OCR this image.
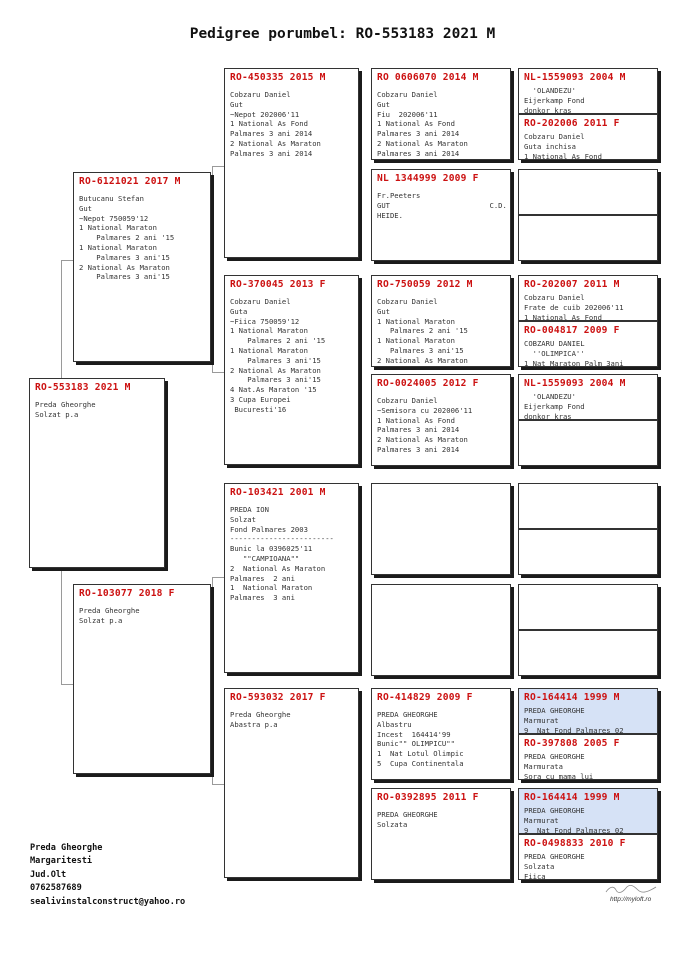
Pedigree porumbel: RO-553183 2021 M
RO-553183 2021 M
Preda Gheorghe
Solzat p.a
RO-6121021 2017 M
Butucanu Stefan
Gut
~Nepot 750059'12
1 National Maraton
Palmares 2 ani '15
1 National Maraton
Palmares 3 ani'15
2 National As Maraton
Palmares 3 ani'15
RO-103077 2018 F
Preda Gheorghe
Solzat p.a
RO-450335 2015 M
Cobzaru Daniel
Gut
~Nepot 202006'11
1 National As Fond
Palmares 3 ani 2014
2 National As Maraton
Palmares 3 ani 2014
RO-370045 2013 F
Cobzaru Daniel
Guta
~Fiica 750059'12
1 National Maraton
Palmares 2 ani '15
1 National Maraton
Palmares 3 ani'15
2 National As Maraton
Palmares 3 ani'15
4 Nat.As Maraton '15
3 Cupa Europei
Bucuresti'16
RO-103421 2001 M
PREDA ION
Solzat
Fond Palmares 2003
------------------------
Bunic la 0396025'11
""CAMPIOANA""
2  National As Maraton
Palmares  2 ani
1  National Maraton
Palmares  3 ani
RO-593032 2017 F
Preda Gheorghe
Abastra p.a
RO 0606070 2014 M
Cobzaru Daniel
Gut
Fiu  202006'11
1 National As Fond
Palmares 3 ani 2014
2 National As Maraton
Palmares 3 ani 2014
NL 1344999 2009 F
Fr.Peeters
GUT                       C.D.
HEIDE.
RO-750059 2012 M
Cobzaru Daniel
Gut
1 National Maraton
Palmares 2 ani '15
1 National Maraton
Palmares 3 ani'15
2 National As Maraton
RO-0024005 2012 F
Cobzaru Daniel
~Semisora cu 202006'11
1 National As Fond
Palmares 3 ani 2014
2 National As Maraton
Palmares 3 ani 2014
RO-414829 2009 F
PREDA GHEORGHE
Albastru
Incest  164414'99
Bunic"" OLIMPICU""
1  Nat Lotul Olimpic
5  Cupa Continentala
RO-0392895 2011 F
PREDA GHEORGHE
Solzata
NL-1559093 2004 M
'OLANDEZU'
Eijerkamp Fond
donkor kras
RO-202006 2011 F
Cobzaru Daniel
Guta inchisa
1 National As Fond
RO-202007 2011 M
Cobzaru Daniel
Frate de cuib 202006'11
1 National As Fond
RO-004817 2009 F
COBZARU DANIEL
''OLIMPICA''
1 Nat Maraton Palm 3ani
NL-1559093 2004 M
'OLANDEZU'
Eijerkamp Fond
donkor kras
RO-164414 1999 M
PREDA GHEORGHE
Marmurat
9  Nat Fond Palmares 02
RO-397808 2005 F
PREDA GHEORGHE
Marmurata
Sora cu mama lui
RO-164414 1999 M
PREDA GHEORGHE
Marmurat
9  Nat Fond Palmares 02
RO-0498833 2010 F
PREDA GHEORGHE
Solzata
Fiica
Preda Gheorghe
Margaritesti
Jud.Olt
0762587689
sealivinstalconstruct@yahoo.ro	http://myloft.ro
